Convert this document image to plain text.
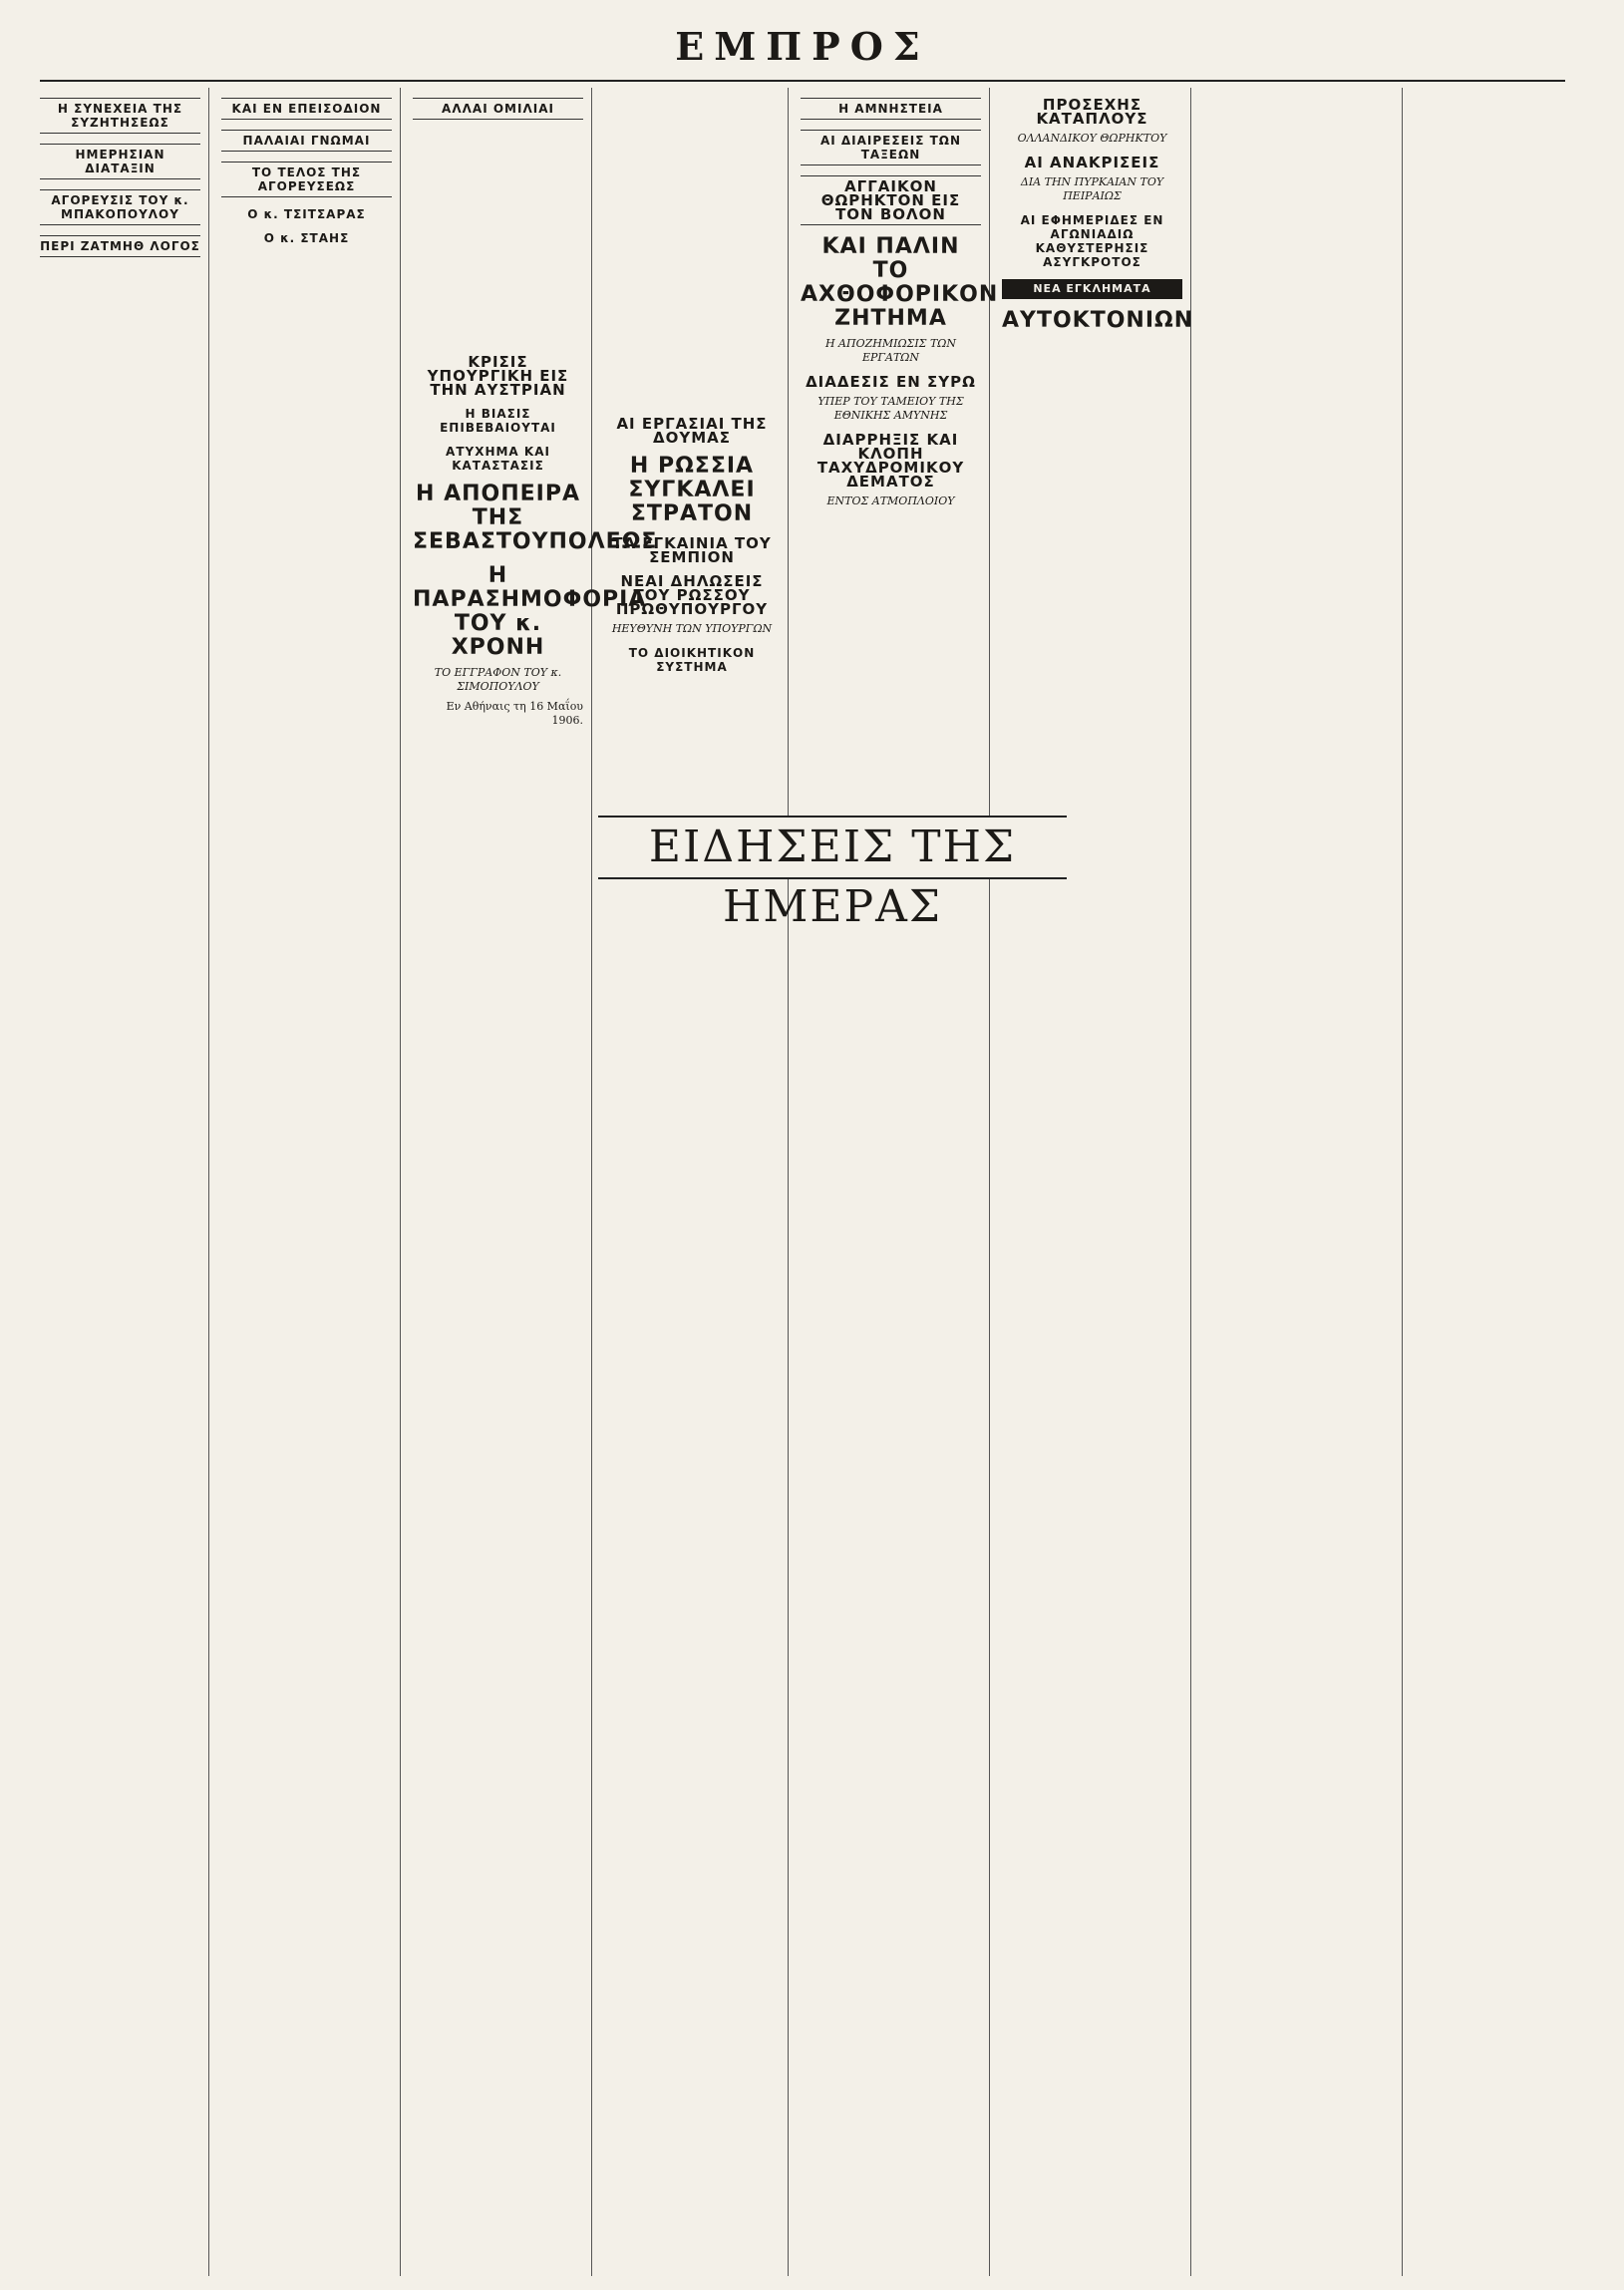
ΕΜΠΡΟΣ
Η ΣΥΝΕΧΕΙΑ ΤΗΣ ΣΥΖΗΤΗΣΕΩΣ
ΗΜΕΡΗΣΙΑΝ ΔΙΑΤΑΞΙΝ
ΑΓΟΡΕΥΣΙΣ ΤΟΥ κ. ΜΠΑΚΟΠΟΥΛΟΥ
ΠΕΡΙ ΖΑΤΜΗΘ ΛΟΓΟΣ
ΚΑΙ ΕΝ ΕΠΕΙΣΟΔΙΟΝ
ΠΑΛΑΙΑΙ ΓΝΩΜΑΙ
ΤΟ ΤΕΛΟΣ ΤΗΣ ΑΓΟΡΕΥΣΕΩΣ
Ο κ. ΤΣΙΤΣΑΡΑΣ
Ο κ. ΣΤΑΗΣ
ΑΛΛΑΙ ΟΜΙΛΙΑΙ
ΚΡΙΣΙΣ ΥΠΟΥΡΓΙΚΗ ΕΙΣ ΤΗΝ ΑΥΣΤΡΙΑΝ
Η ΒΙΑΣΙΣ ΕΠΙΒΕΒΑΙΟΥΤΑΙ
ΑΤΥΧΗΜΑ ΚΑΙ ΚΑΤΑΣΤΑΣΙΣ
Η ΑΠΟΠΕΙΡΑ ΤΗΣ ΣΕΒΑΣΤΟΥΠΟΛΕΩΣ
Η ΠΑΡΑΣΗΜΟΦΟΡΙΑ ΤΟΥ κ. ΧΡΟΝΗ
ΤΟ ΕΓΓΡΑΦΟΝ ΤΟΥ κ. ΣΙΜΟΠΟΥΛΟΥ
Εν Αθήναις τη 16 Μαΐου 1906.
ΑΙ ΕΡΓΑΣΙΑΙ ΤΗΣ ΔΟΥΜΑΣ
Η ΡΩΣΣΙΑ ΣΥΓΚΑΛΕΙ ΣΤΡΑΤΟΝ
ΤΑ ΕΓΚΑΙΝΙΑ ΤΟΥ ΣΕΜΠΙΟΝ
ΝΕΑΙ ΔΗΛΩΣΕΙΣ ΤΟΥ ΡΩΣΣΟΥ ΠΡΩΘΥΠΟΥΡΓΟΥ
ΗΕΥΘΥΝΗ ΤΩΝ ΥΠΟΥΡΓΩΝ
ΤΟ ΔΙΟΙΚΗΤΙΚΟΝ ΣΥΣΤΗΜΑ
Η ΑΜΝΗΣΤΕΙΑ
ΑΙ ΔΙΑΙΡΕΣΕΙΣ ΤΩΝ ΤΑΞΕΩΝ
ΑΓΓΑΙΚΟΝ ΘΩΡΗΚΤΟΝ ΕΙΣ ΤΟΝ ΒΟΛΟΝ
ΚΑΙ ΠΑΛΙΝ ΤΟ ΑΧΘΟΦΟΡΙΚΟΝ ΖΗΤΗΜΑ
Η ΑΠΟΖΗΜΙΩΣΙΣ ΤΩΝ ΕΡΓΑΤΩΝ
ΔΙΑΔΕΣΙΣ ΕΝ ΣΥΡΩ
ΥΠΕΡ ΤΟΥ ΤΑΜΕΙΟΥ ΤΗΣ ΕΘΝΙΚΗΣ ΑΜΥΝΗΣ
ΔΙΑΡΡΗΞΙΣ ΚΑΙ ΚΛΟΠΗ ΤΑΧΥΔΡΟΜΙΚΟΥ ΔΕΜΑΤΟΣ
ΕΝΤΟΣ ΑΤΜΟΠΛΟΙΟΥ
ΠΡΟΣΕΧΗΣ ΚΑΤΑΠΛΟΥΣ
ΟΛΛΑΝΔΙΚΟΥ ΘΩΡΗΚΤΟΥ
ΑΙ ΑΝΑΚΡΙΣΕΙΣ
ΔΙΑ ΤΗΝ ΠΥΡΚΑΙΑΝ ΤΟΥ ΠΕΙΡΑΙΩΣ
ΑΙ ΕΦΗΜΕΡΙΔΕΣ ΕΝ ΑΓΩΝΙΑΔΙΩ ΚΑΘΥΣΤΕΡΗΣΙΣ ΑΣΥΓΚΡΟΤΟΣ
ΝΕΑ ΕΓΚΛΗΜΑΤΑ
ΑΥΤΟΚΤΟΝΙΩΝ
ΕΙΔΗΣΕΙΣ ΤΗΣ ΗΜΕΡΑΣ
